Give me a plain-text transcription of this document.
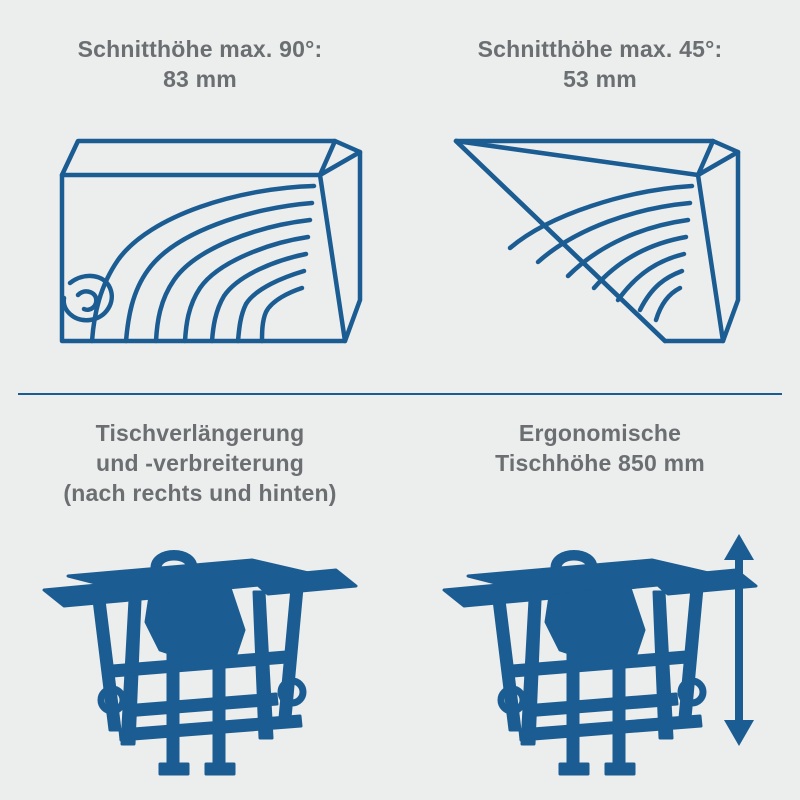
Schnitthöhe max. 90°:
83 mm
Schnitthöhe max. 45°:
53 mm
Tischverlängerung
und -verbreiterung
(nach rechts und hinten)
Ergonomische
Tischhöhe 850 mm
